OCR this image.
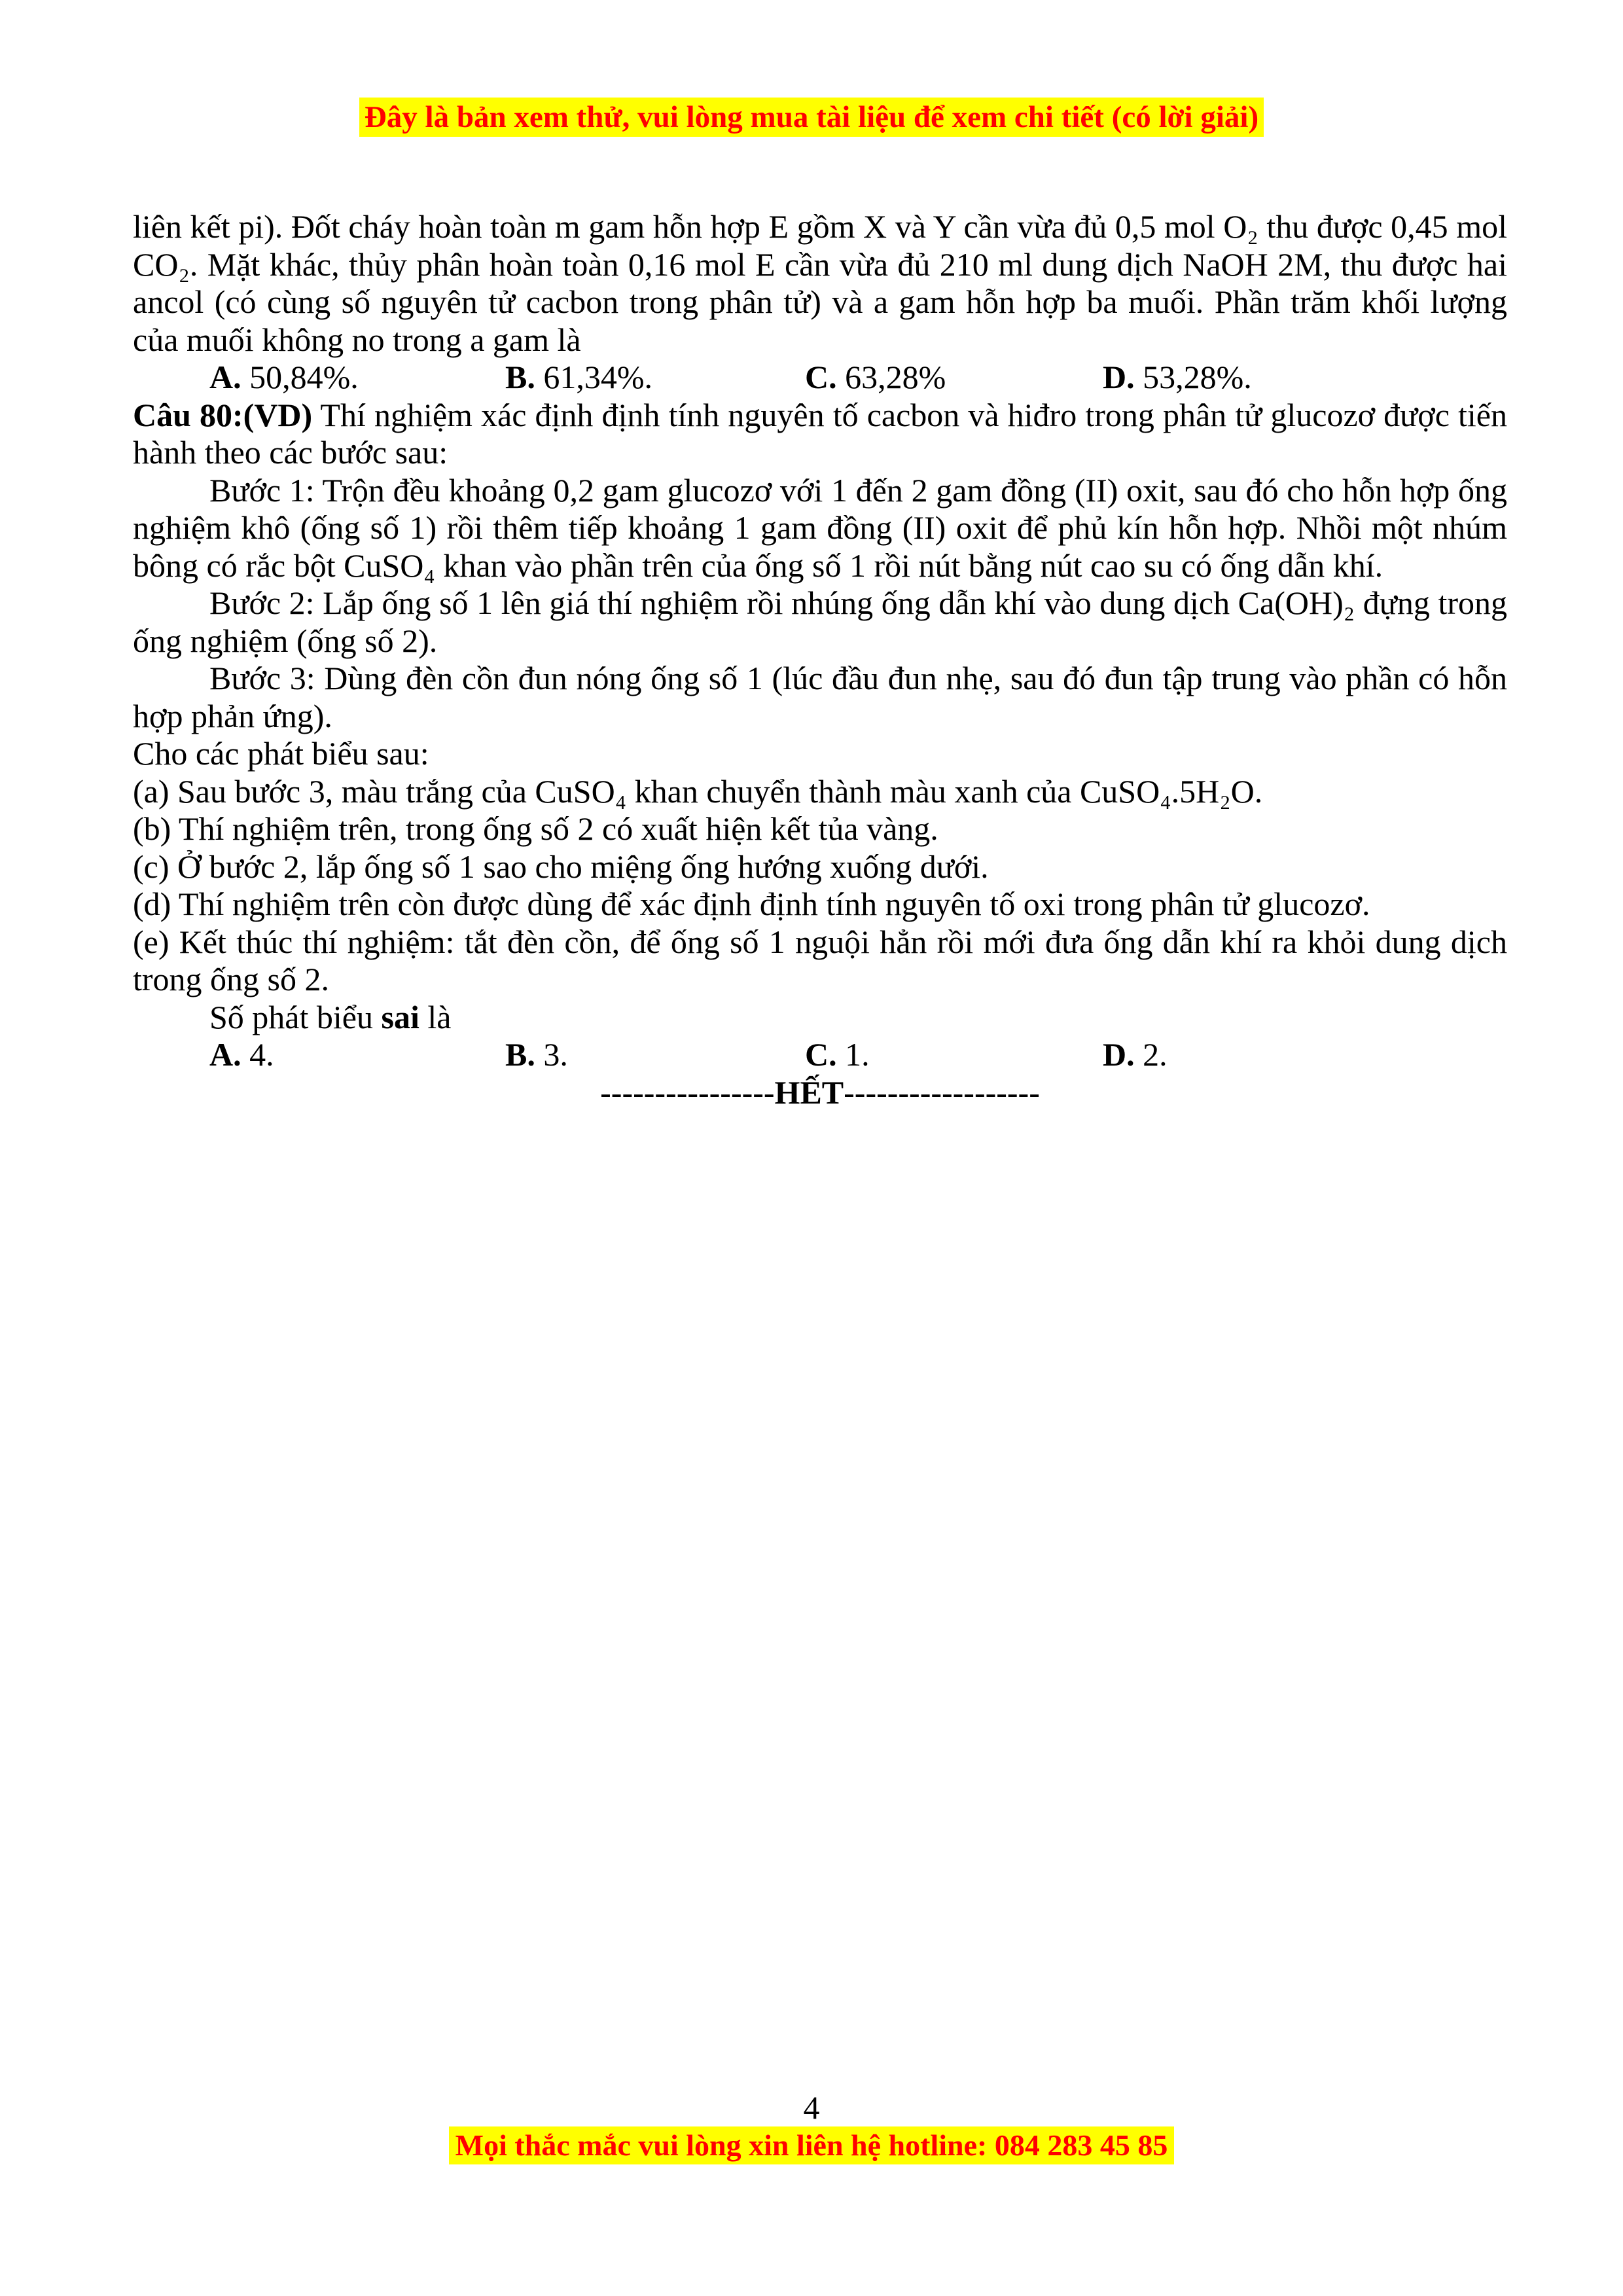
Đây là bản xem thử, vui lòng mua tài liệu để xem chi tiết (có lời giải)

liên kết pi). Đốt cháy hoàn toàn m gam hỗn hợp E gồm X và Y cần vừa đủ 0,5 mol O₂ thu được 0,45 mol CO₂. Mặt khác, thủy phân hoàn toàn 0,16 mol E cần vừa đủ 210 ml dung dịch NaOH 2M, thu được hai ancol (có cùng số nguyên tử cacbon trong phân tử) và a gam hỗn hợp ba muối. Phần trăm khối lượng của muối không no trong a gam là

A. 50,84%.	B. 61,34%.	C. 63,28%	D. 53,28%.

Câu 80:(VD) Thí nghiệm xác định định tính nguyên tố cacbon và hiđro trong phân tử glucozơ được tiến hành theo các bước sau:

Bước 1: Trộn đều khoảng 0,2 gam glucozơ với 1 đến 2 gam đồng (II) oxit, sau đó cho hỗn hợp ống nghiệm khô (ống số 1) rồi thêm tiếp khoảng 1 gam đồng (II) oxit để phủ kín hỗn hợp. Nhồi một nhúm bông có rắc bột CuSO₄ khan vào phần trên của ống số 1 rồi nút bằng nút cao su có ống dẫn khí.

Bước 2: Lắp ống số 1 lên giá thí nghiệm rồi nhúng ống dẫn khí vào dung dịch Ca(OH)₂ đựng trong ống nghiệm (ống số 2).

Bước 3: Dùng đèn cồn đun nóng ống số 1 (lúc đầu đun nhẹ, sau đó đun tập trung vào phần có hỗn hợp phản ứng).

Cho các phát biểu sau:

(a) Sau bước 3, màu trắng của CuSO₄ khan chuyển thành màu xanh của CuSO₄.5H₂O.

(b) Thí nghiệm trên, trong ống số 2 có xuất hiện kết tủa vàng.

(c) Ở bước 2, lắp ống số 1 sao cho miệng ống hướng xuống dưới.

(d) Thí nghiệm trên còn được dùng để xác định định tính nguyên tố oxi trong phân tử glucozơ.

(e) Kết thúc thí nghiệm: tắt đèn cồn, để ống số 1 nguội hẳn rồi mới đưa ống dẫn khí ra khỏi dung dịch trong ống số 2.

Số phát biểu sai là

A. 4.	B. 3.	C. 1.	D. 2.

----------------HẾT------------------

4
Mọi thắc mắc vui lòng xin liên hệ hotline: 084 283 45 85
